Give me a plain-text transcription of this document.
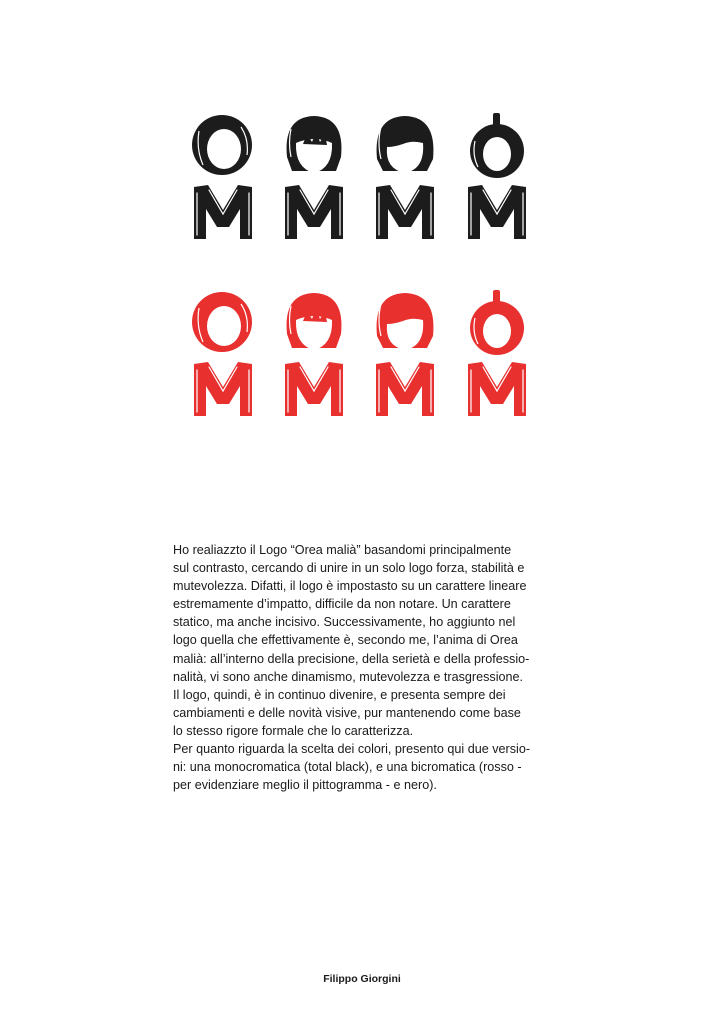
Ho realiazzto il Logo “Orea malià” basandomi principalmente
sul contrasto, cercando di unire in un solo logo forza, stabilità e
mutevolezza. Difatti, il logo è impostasto su un carattere lineare
estremamente d’impatto, difficile da non notare. Un carattere
statico, ma anche incisivo. Successivamente, ho aggiunto nel
logo quella che effettivamente è, secondo me, l’anima di Orea
malià: all’interno della precisione, della serietà e della professio-
nalità, vi sono anche dinamismo, mutevolezza e trasgressione.
Il logo, quindi, è in continuo divenire, e presenta sempre dei
cambiamenti e delle novità visive, pur mantenendo come base
lo stesso rigore formale che lo caratterizza.
Per quanto riguarda la scelta dei colori, presento qui due versio-
ni: una monocromatica (total black), e una bicromatica (rosso -
per evidenziare meglio il pittogramma - e nero).

Filippo Giorgini
